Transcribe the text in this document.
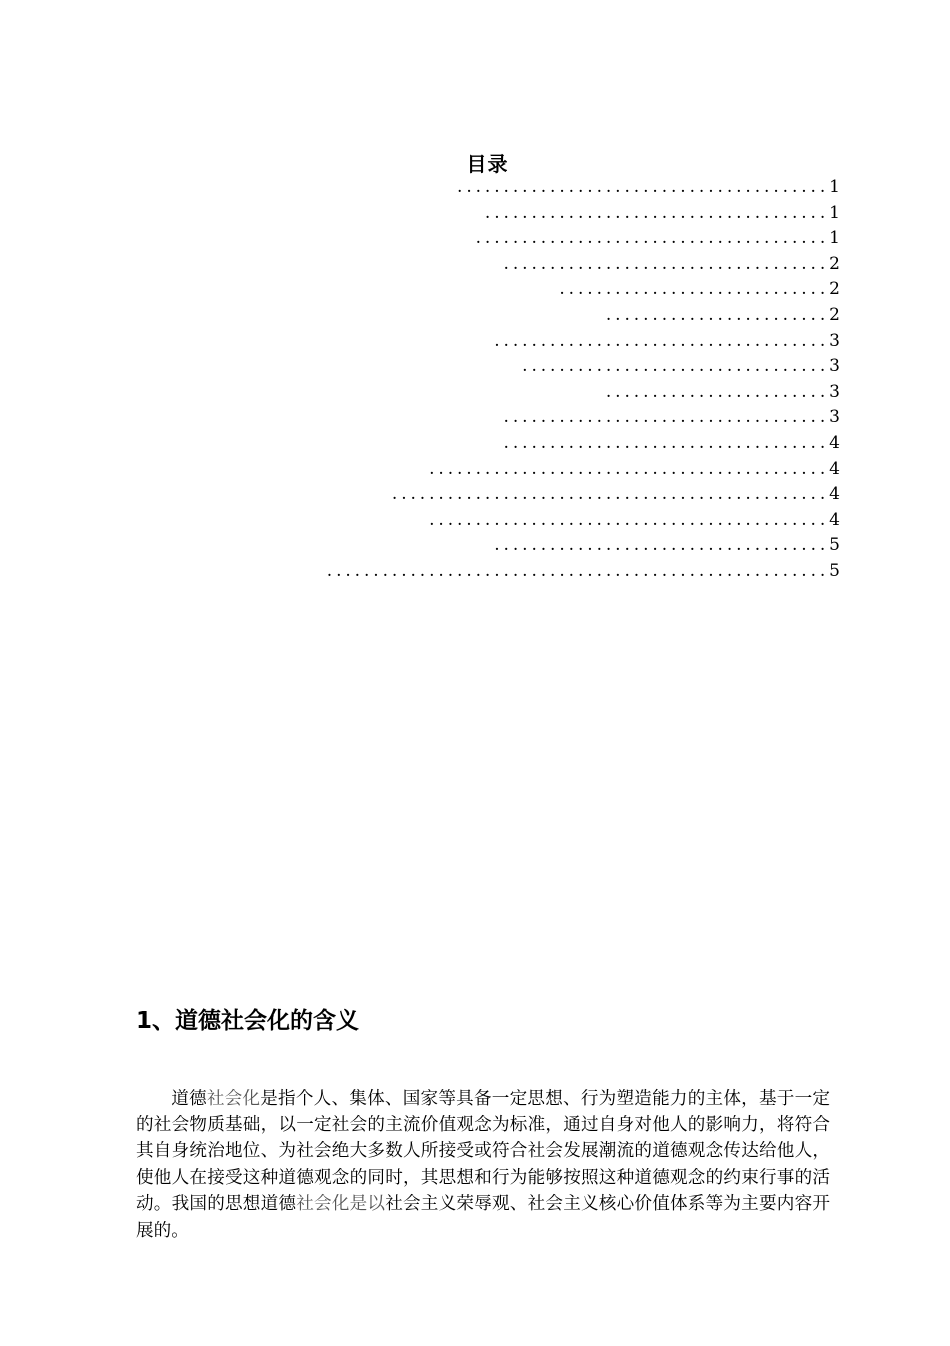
目录
........................................1
.....................................1
......................................1
...................................2
.............................2
........................2
....................................3
.................................3
........................3
...................................3
...................................4
...........................................4
...............................................4
...........................................4
....................................5
......................................................5
1、道德社会化的含义

道德社会化是指个人、集体、国家等具备一定思想、行为塑造能力的主体，基于一定的社会物质基础，以一定社会的主流价值观念为标准，通过自身对他人的影响力，将符合其自身统治地位、为社会绝大多数人所接受或符合社会发展潮流的道德观念传达给他人，使他人在接受这种道德观念的同时，其思想和行为能够按照这种道德观念的约束行事的活动。我国的思想道德社会化是以社会主义荣辱观、社会主义核心价值体系等为主要内容开展的。
